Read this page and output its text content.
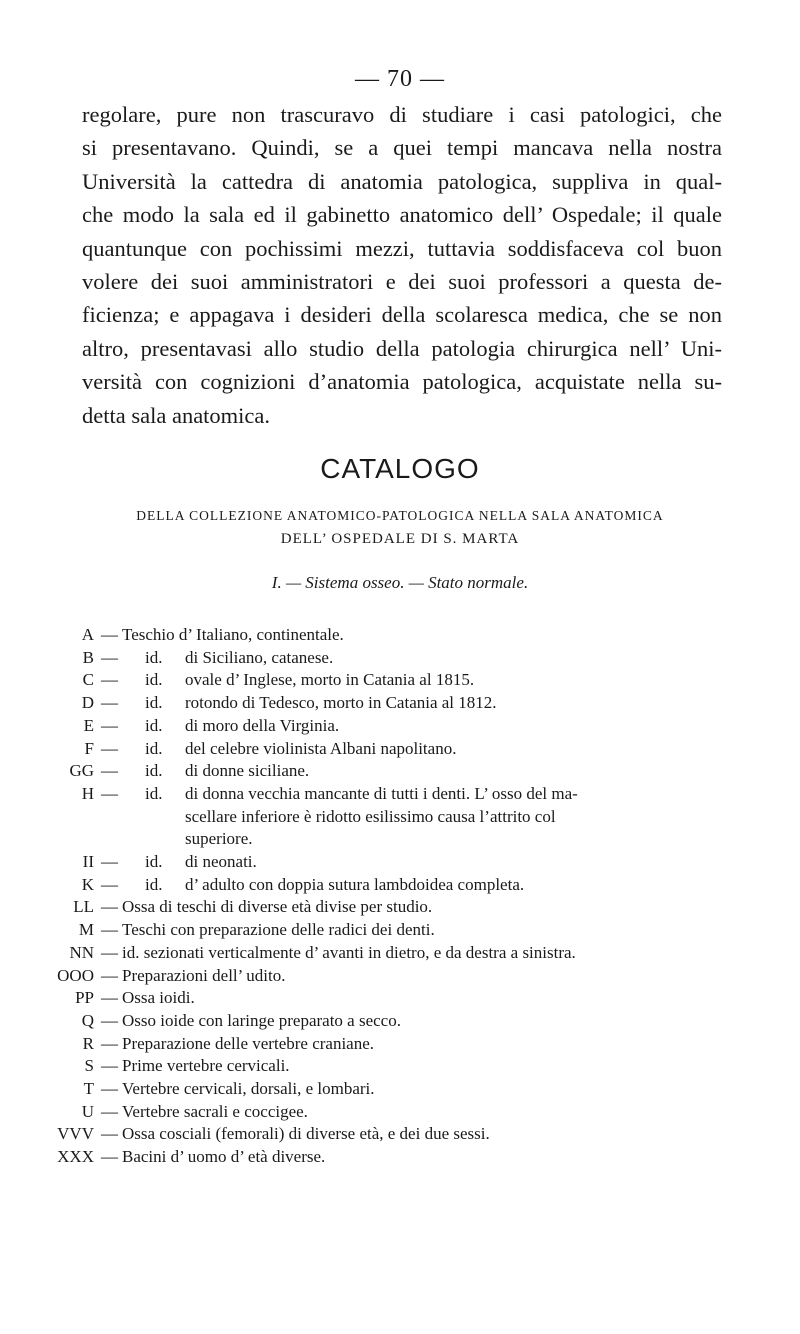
— 70 —
regolare, pure non trascuravo di studiare i casi patologici, che
si presentavano. Quindi, se a quei tempi mancava nella nostra
Università la cattedra di anatomia patologica, suppliva in qual-
che modo la sala ed il gabinetto anatomico dell’ Ospedale; il quale
quantunque con pochissimi mezzi, tuttavia soddisfaceva col buon
volere dei suoi amministratori e dei suoi professori a questa de-
ficienza; e appagava i desideri della scolaresca medica, che se non
altro, presentavasi allo studio della patologia chirurgica nell’ Uni-
versità con cognizioni d’anatomia patologica, acquistate nella su-
detta sala anatomica.
CATALOGO
DELLA COLLEZIONE ANATOMICO-PATOLOGICA NELLA SALA ANATOMICA
DELL’ OSPEDALE DI S. MARTA
I. — Sistema osseo. — Stato normale.
A — Teschio d’ Italiano, continentale.
B — id. di Siciliano, catanese.
C — id. ovale d’ Inglese, morto in Catania al 1815.
D — id. rotondo di Tedesco, morto in Catania al 1812.
E — id. di moro della Virginia.
F — id. del celebre violinista Albani napolitano.
GG — id. di donne siciliane.
H — id. di donna vecchia mancante di tutti i denti. L’ osso del ma-
scellare inferiore è ridotto esilissimo causa l’attrito col
superiore.
II — id. di neonati.
K — id. d’ adulto con doppia sutura lambdoidea completa.
LL — Ossa di teschi di diverse età divise per studio.
M — Teschi con preparazione delle radici dei denti.
NN — id. sezionati verticalmente d’ avanti in dietro, e da destra a sinistra.
OOO — Preparazioni dell’ udito.
PP — Ossa ioidi.
Q — Osso ioide con laringe preparato a secco.
R — Preparazione delle vertebre craniane.
S — Prime vertebre cervicali.
T — Vertebre cervicali, dorsali, e lombari.
U — Vertebre sacrali e coccigee.
VVV — Ossa cosciali (femorali) di diverse età, e dei due sessi.
XXX — Bacini d’ uomo d’ età diverse.
